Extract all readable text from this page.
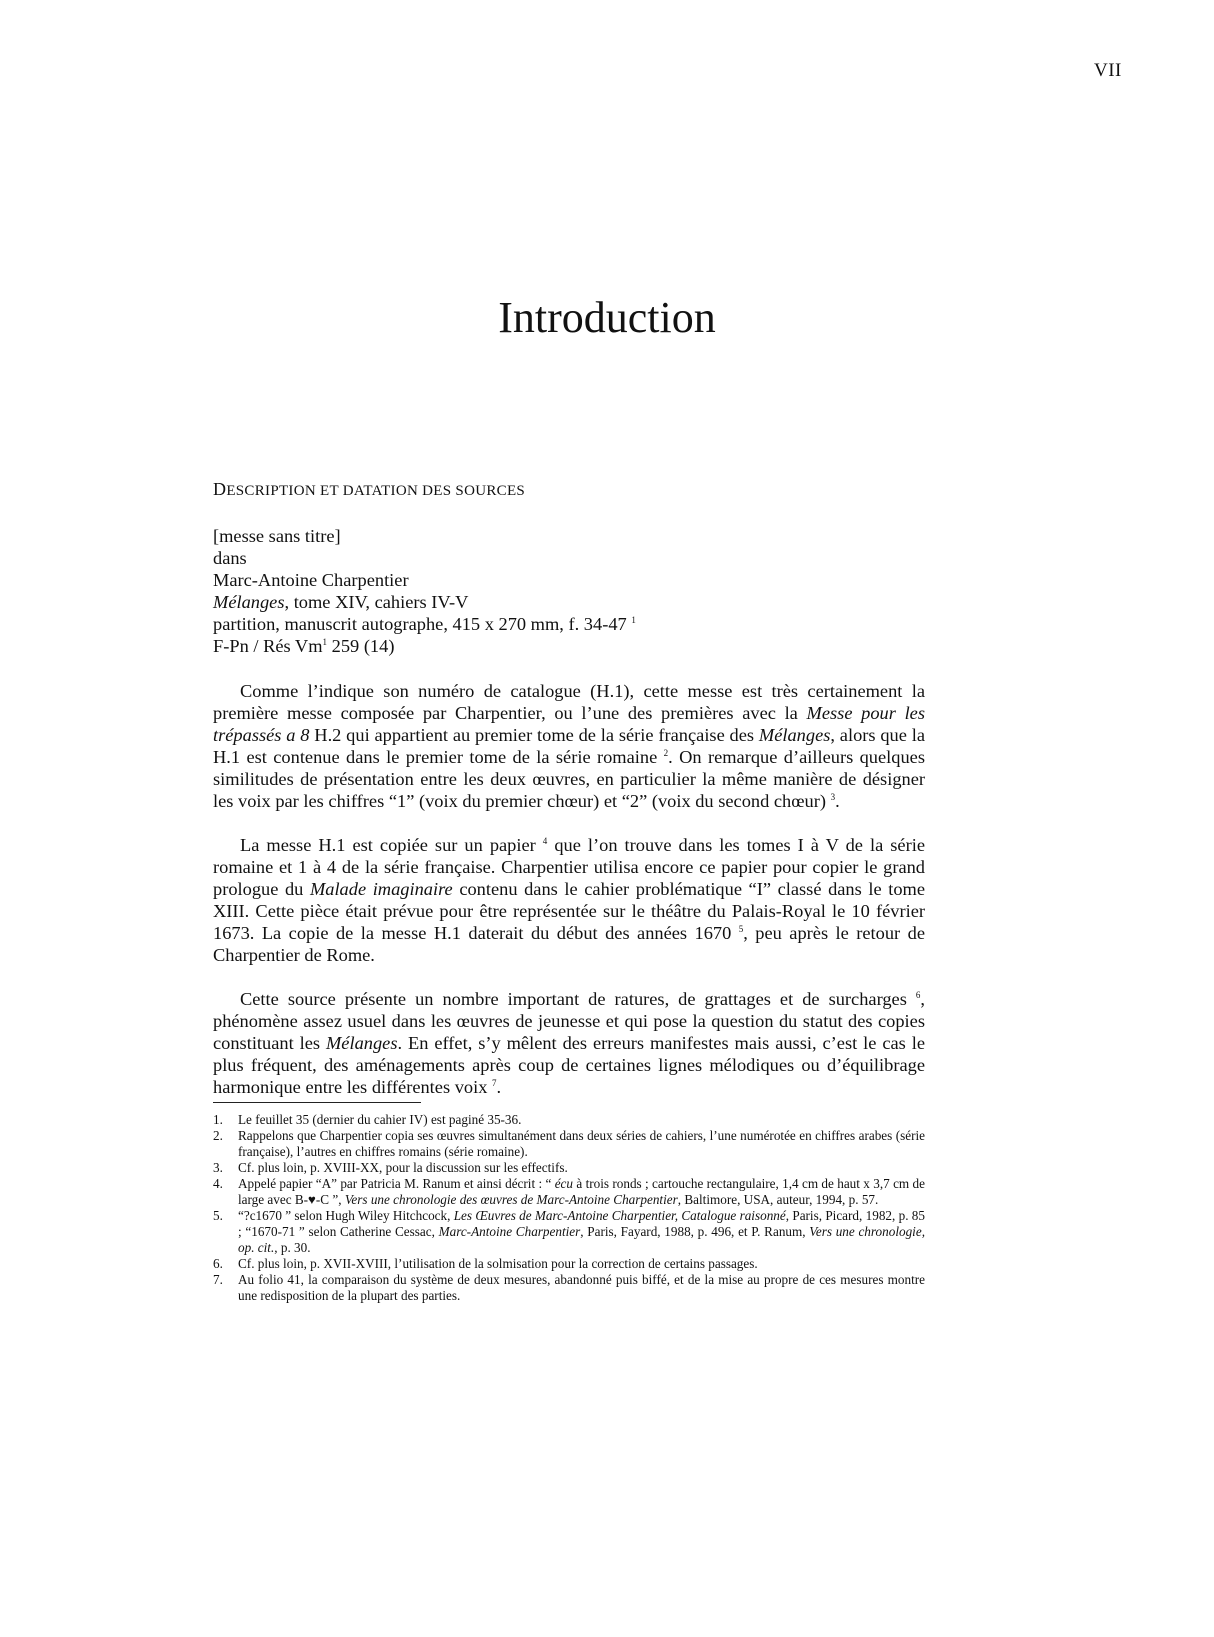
VII
Introduction

DESCRIPTION ET DATATION DES SOURCES

[messe sans titre]
dans
Marc-Antoine Charpentier
Mélanges, tome XIV, cahiers IV-V
partition, manuscrit autographe, 415 x 270 mm, f. 34-47 $^1$
F-Pn / Rés Vm$^1$ 259 (14)

Comme l’indique son numéro de catalogue (H.1), cette messe est très certainement la première messe composée par Charpentier, ou l’une des premières avec la Messe pour les trépassés a 8 H.2 qui appartient au premier tome de la série française des Mélanges, alors que la H.1 est contenue dans le premier tome de la série romaine $^2$. On remarque d’ailleurs quelques similitudes de présentation entre les deux œuvres, en particulier la même manière de désigner les voix par les chiffres “1” (voix du premier chœur) et “2” (voix du second chœur) $^3$.

La messe H.1 est copiée sur un papier $^4$ que l’on trouve dans les tomes I à V de la série romaine et 1 à 4 de la série française. Charpentier utilisa encore ce papier pour copier le grand prologue du Malade imaginaire contenu dans le cahier problématique “I” classé dans le tome XIII. Cette pièce était prévue pour être représentée sur le théâtre du Palais-Royal le 10 février 1673. La copie de la messe H.1 daterait du début des années 1670 $^5$, peu après le retour de Charpentier de Rome.

Cette source présente un nombre important de ratures, de grattages et de surcharges $^6$, phénomène assez usuel dans les œuvres de jeunesse et qui pose la question du statut des copies constituant les Mélanges. En effet, s’y mêlent des erreurs manifestes mais aussi, c’est le cas le plus fréquent, des aménagements après coup de certaines lignes mélodiques ou d’équilibrage harmonique entre les différentes voix $^7$.

1.	Le feuillet 35 (dernier du cahier IV) est paginé 35-36.
2.	Rappelons que Charpentier copia ses œuvres simultanément dans deux séries de cahiers, l’une numérotée en chiffres arabes (série française), l’autres en chiffres romains (série romaine).
3.	Cf. plus loin, p. XVIII-XX, pour la discussion sur les effectifs.
4.	Appelé papier “A” par Patricia M. Ranum et ainsi décrit : “ écu à trois ronds ; cartouche rectangulaire, 1,4 cm de haut x 3,7 cm de large avec B-♥-C ”, Vers une chronologie des œuvres de Marc-Antoine Charpentier, Baltimore, USA, auteur, 1994, p. 57.
5.	“?c1670 ” selon Hugh Wiley Hitchcock, Les Œuvres de Marc-Antoine Charpentier, Catalogue raisonné, Paris, Picard, 1982, p. 85 ; “1670-71 ” selon Catherine Cessac, Marc-Antoine Charpentier, Paris, Fayard, 1988, p. 496, et P. Ranum, Vers une chronologie, op. cit., p. 30.
6.	Cf. plus loin, p. XVII-XVIII, l’utilisation de la solmisation pour la correction de certains passages.
7.	Au folio 41, la comparaison du système de deux mesures, abandonné puis biffé, et de la mise au propre de ces mesures montre une redisposition de la plupart des parties.
